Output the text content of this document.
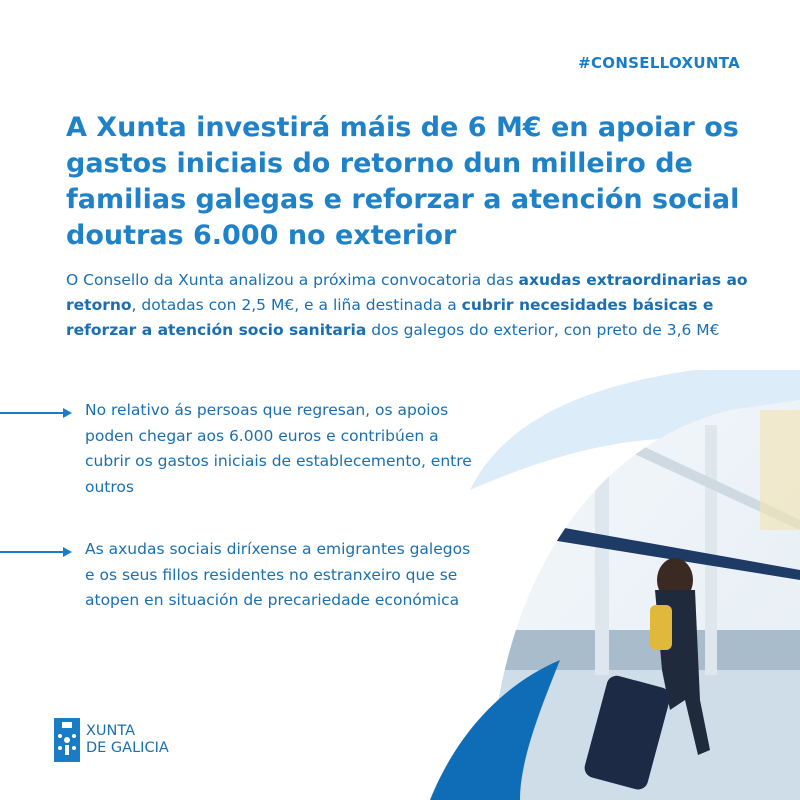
#CONSELLOXUNTA
A Xunta investirá máis de 6 M€ en apoiar os gastos iniciais do retorno dun milleiro de familias galegas e reforzar a atención social doutras 6.000 no exterior

O Consello da Xunta analizou a próxima convocatoria das axudas extraordinarias ao retorno, dotadas con 2,5 M€, e a liña destinada a cubrir necesidades básicas e reforzar a atención socio sanitaria dos galegos do exterior, con preto de 3,6 M€

No relativo ás persoas que regresan, os apoios poden chegar aos 6.000 euros e contribúen a cubrir os gastos iniciais de establecemento, entre outros
As axudas sociais diríxense a emigrantes galegos e os seus fillos residentes no estranxeiro que se atopen en situación de precariedade económica
XUNTA
DE GALICIA
